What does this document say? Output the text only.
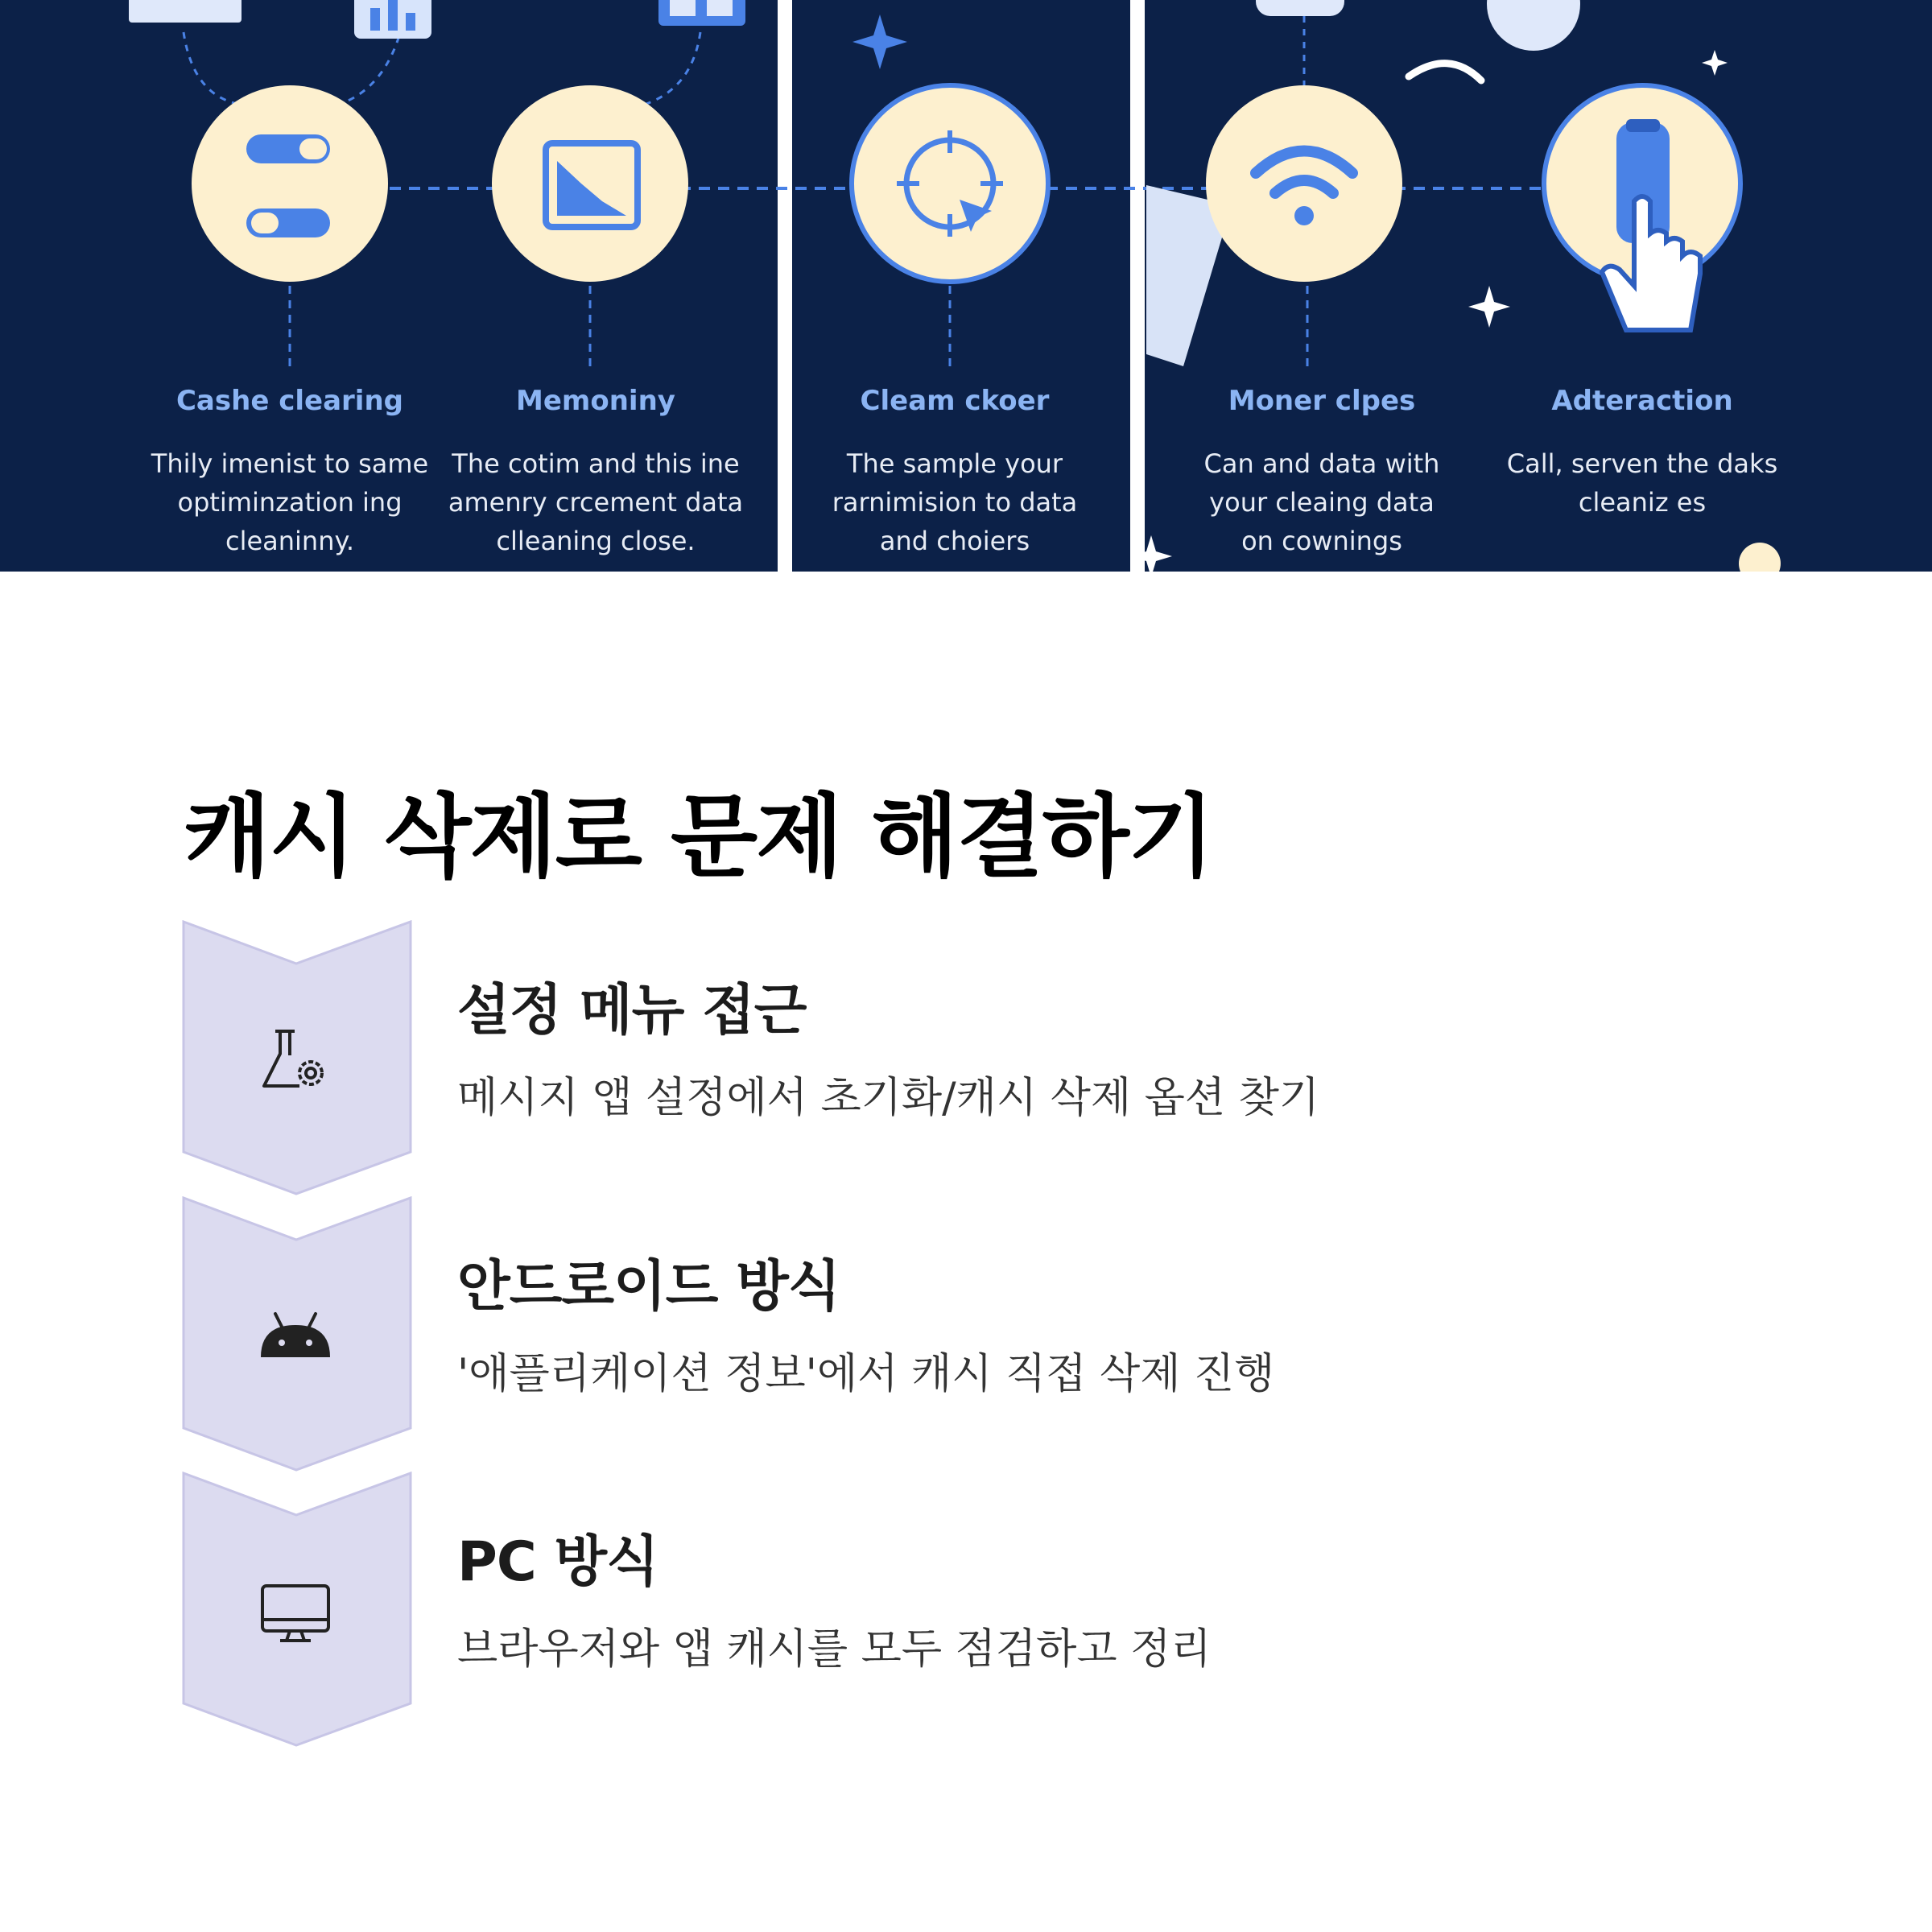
Cashe clearing
Thily imenist to same
optiminzation ing
cleaninny.
Memoniny
The cotim and this ine
amenry crcement data
clleaning close.
Cleam ckoer
The sample your
rarnimision to data
and choiers
Moner clpes
Can and data with
your cleaing data
on cownings
Adteraction
Call, serven the daks
cleaniz es
캐시 삭제로 문제 해결하기
설정 메뉴 접근
메시지 앱 설정에서 초기화/캐시 삭제 옵션 찾기
안드로이드 방식
'애플리케이션 정보'에서 캐시 직접 삭제 진행
PC 방식
브라우저와 앱 캐시를 모두 점검하고 정리
